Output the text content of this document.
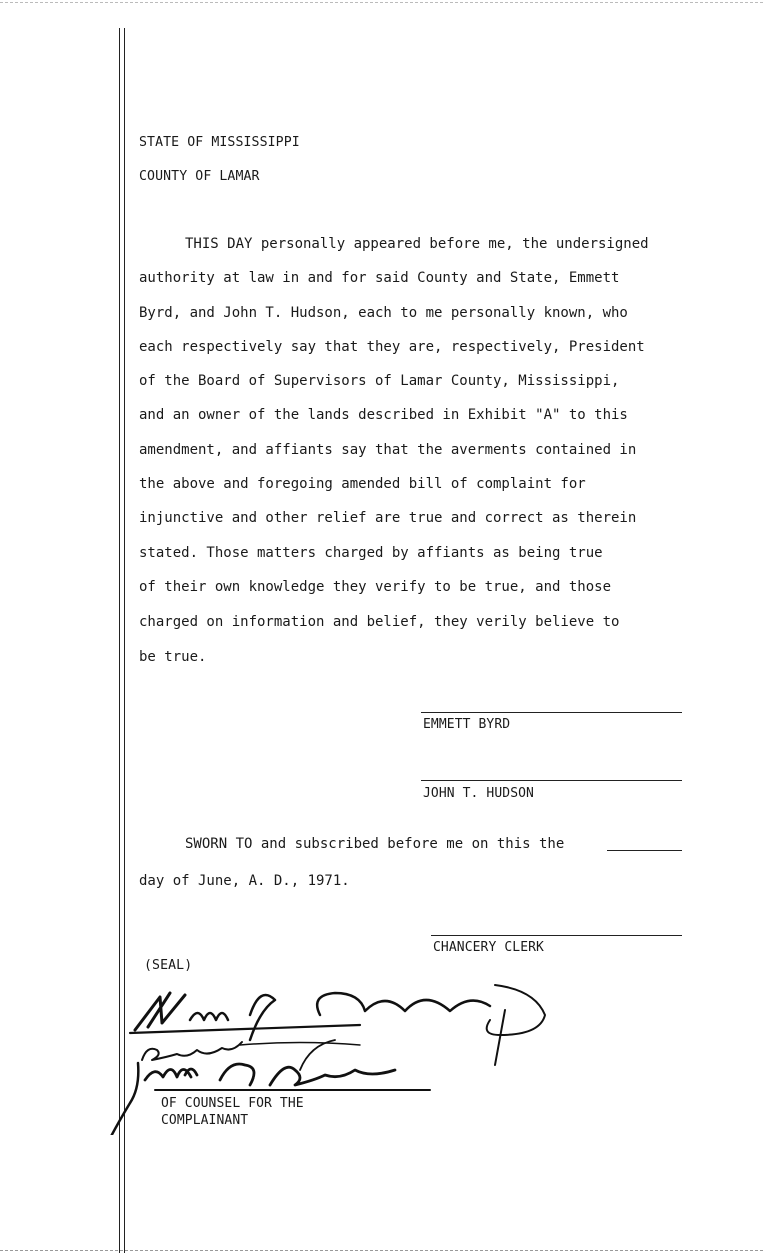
STATE OF MISSISSIPPI
COUNTY OF LAMAR
THIS DAY personally appeared before me, the undersigned
authority at law in and for said County and State, Emmett
Byrd, and John T. Hudson, each to me personally known, who
each respectively say that they are, respectively, President
of the Board of Supervisors of Lamar County, Mississippi,
and an owner of the lands described in Exhibit "A" to this
amendment, and affiants say that the averments contained in
the above and foregoing amended bill of complaint for
injunctive and other relief are true and correct as therein
stated. Those matters charged by affiants as being true
of their own knowledge they verify to be true, and those
charged on information and belief, they verily believe to
be true.
EMMETT BYRD
JOHN T. HUDSON
SWORN TO and subscribed before me on this the
day of June, A. D., 1971.
CHANCERY CLERK
(SEAL)
OF COUNSEL FOR THE
COMPLAINANT
